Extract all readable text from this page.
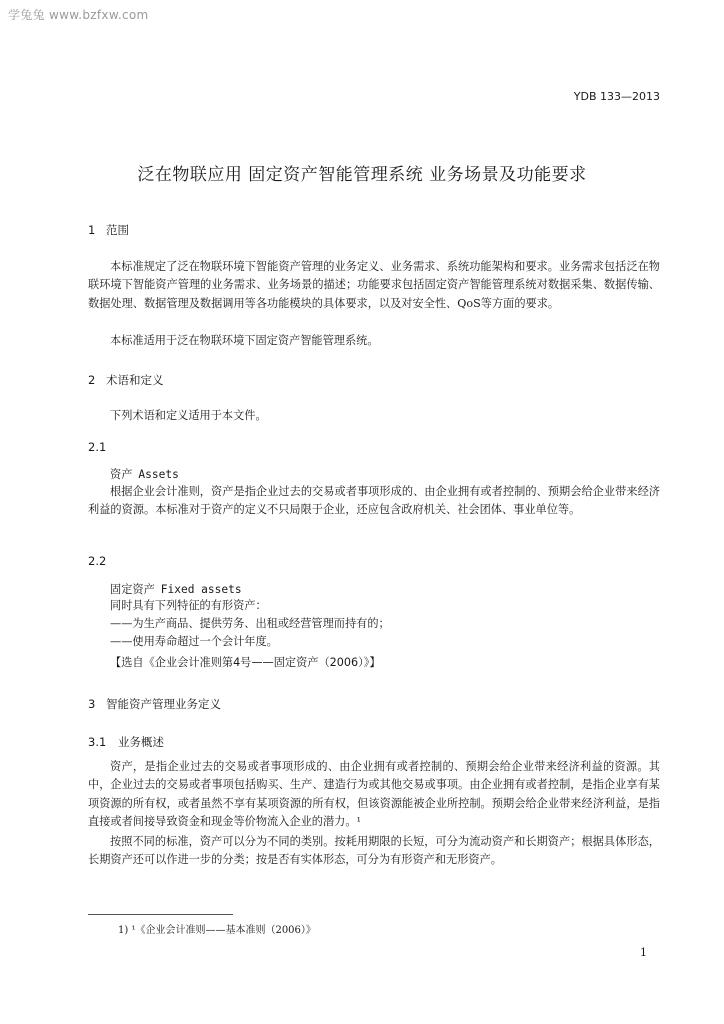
学兔兔 www.bzfxw.com
YDB 133—2013
泛在物联应用 固定资产智能管理系统 业务场景及功能要求
1 范围

本标准规定了泛在物联环境下智能资产管理的业务定义、业务需求、系统功能架构和要求。业务需求包括泛在物联环境下智能资产管理的业务需求、业务场景的描述；功能要求包括固定资产智能管理系统对数据采集、数据传输、数据处理、数据管理及数据调用等各功能模块的具体要求，以及对安全性、QoS等方面的要求。

本标准适用于泛在物联环境下固定资产智能管理系统。

2 术语和定义
下列术语和定义适用于本文件。
2.1
资产 Assets

根据企业会计准则，资产是指企业过去的交易或者事项形成的、由企业拥有或者控制的、预期会给企业带来经济利益的资源。本标准对于资产的定义不只局限于企业，还应包含政府机关、社会团体、事业单位等。

2.2
固定资产 Fixed assets
同时具有下列特征的有形资产：
——为生产商品、提供劳务、出租或经营管理而持有的；
——使用寿命超过一个会计年度。
【选自《企业会计准则第4号——固定资产（2006）》】
3 智能资产管理业务定义
3.1 业务概述

资产，是指企业过去的交易或者事项形成的、由企业拥有或者控制的、预期会给企业带来经济利益的资源。其中，企业过去的交易或者事项包括购买、生产、建造行为或其他交易或事项。由企业拥有或者控制，是指企业享有某项资源的所有权，或者虽然不享有某项资源的所有权，但该资源能被企业所控制。预期会给企业带来经济利益，是指直接或者间接导致资金和现金等价物流入企业的潜力。¹

按照不同的标准，资产可以分为不同的类别。按耗用期限的长短，可分为流动资产和长期资产；根据具体形态，长期资产还可以作进一步的分类；按是否有实体形态，可分为有形资产和无形资产。

1) ¹《企业会计准则——基本准则（2006）》
1
